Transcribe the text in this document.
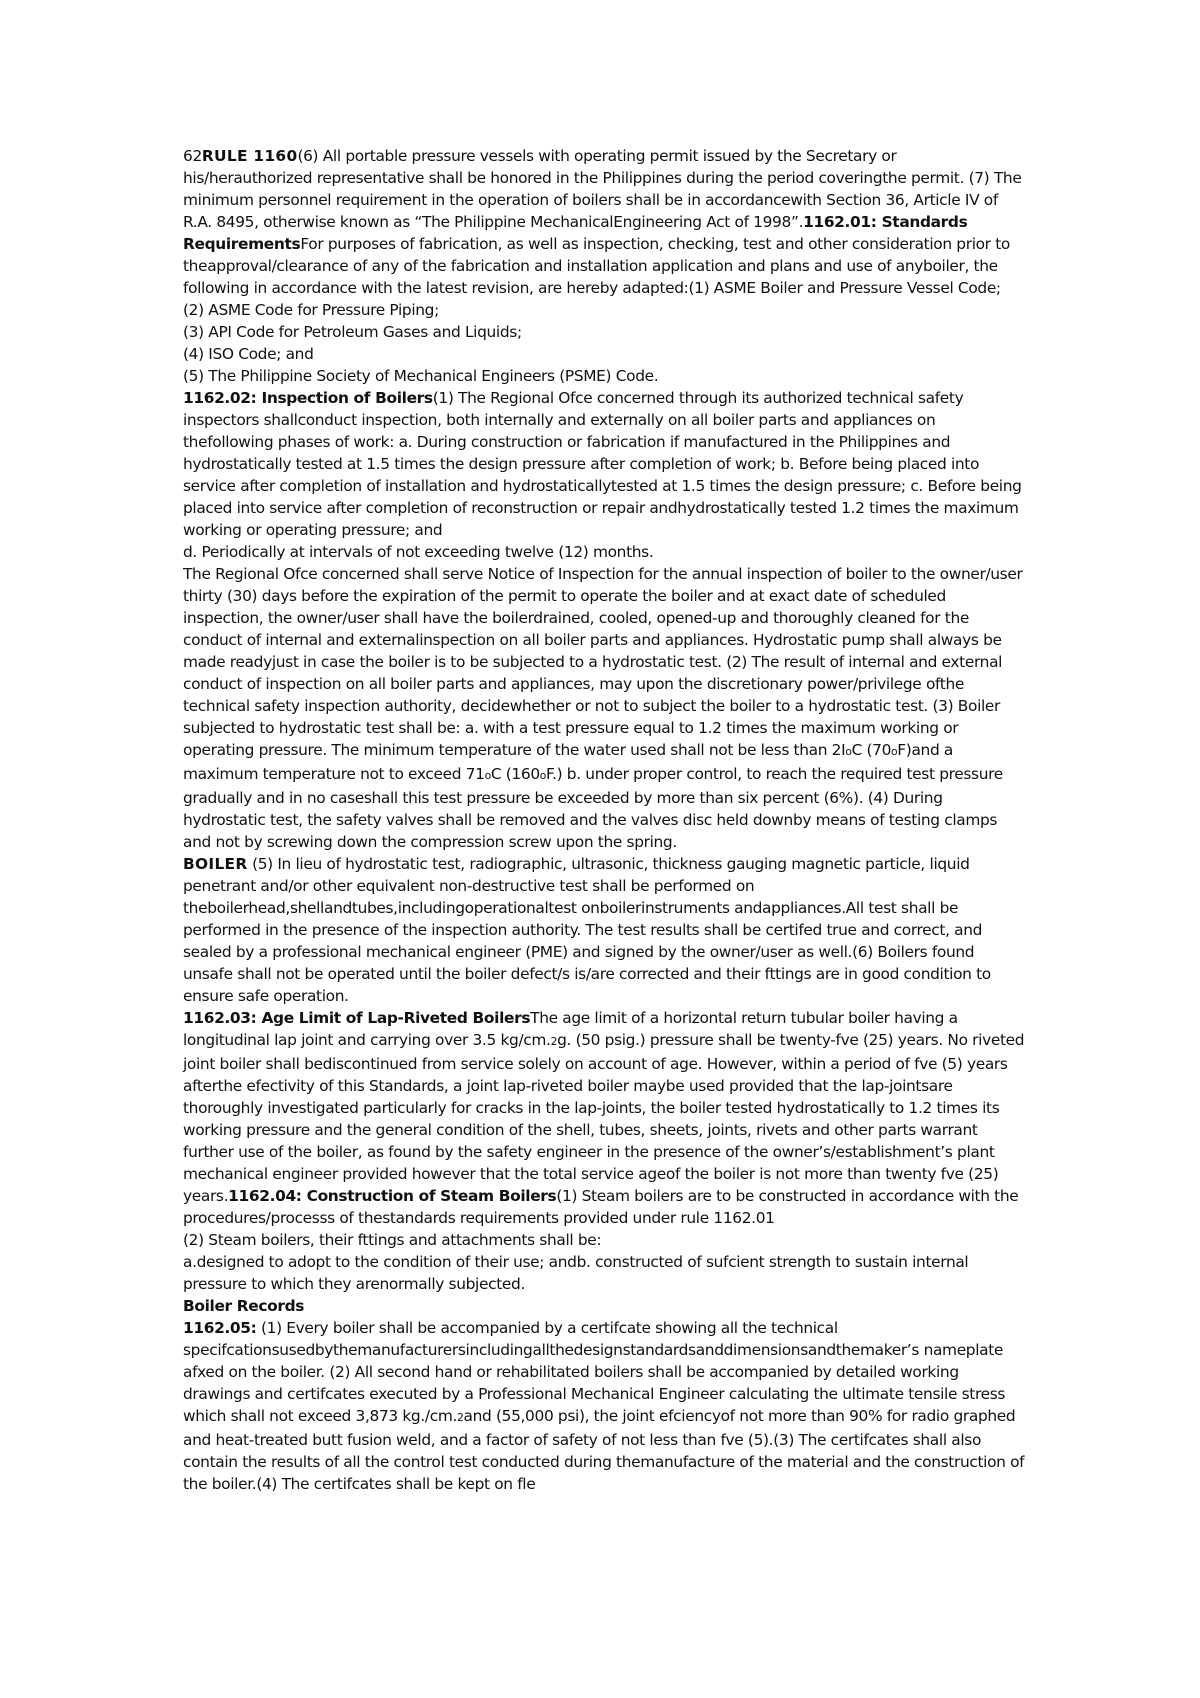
62RULE 1160(6) All portable pressure vessels with operating permit issued by the Secretary or his/herauthorized representative shall be honored in the Philippines during the period coveringthe permit. (7) The minimum personnel requirement in the operation of boilers shall be in accordancewith Section 36, Article IV of R.A. 8495, otherwise known as “The Philippine MechanicalEngineering Act of 1998”.1162.01: Standards RequirementsFor purposes of fabrication, as well as inspection, checking, test and other consideration prior to theapproval/clearance of any of the fabrication and installation application and plans and use of anyboiler, the following in accordance with the latest revision, are hereby adapted:(1) ASME Boiler and Pressure Vessel Code;

(2) ASME Code for Pressure Piping;

(3) API Code for Petroleum Gases and Liquids;

(4) ISO Code; and

(5) The Philippine Society of Mechanical Engineers (PSME) Code.

1162.02: Inspection of Boilers(1) The Regional Ofce concerned through its authorized technical safety inspectors shallconduct inspection, both internally and externally on all boiler parts and appliances on thefollowing phases of work: a. During construction or fabrication if manufactured in the Philippines and hydrostatically tested at 1.5 times the design pressure after completion of work; b. Before being placed into service after completion of installation and hydrostaticallytested at 1.5 times the design pressure; c. Before being placed into service after completion of reconstruction or repair andhydrostatically tested 1.2 times the maximum working or operating pressure; and

d. Periodically at intervals of not exceeding twelve (12) months.

The Regional Ofce concerned shall serve Notice of Inspection for the annual inspection of boiler to the owner/user thirty (30) days before the expiration of the permit to operate the boiler and at exact date of scheduled inspection, the owner/user shall have the boilerdrained, cooled, opened-up and thoroughly cleaned for the conduct of internal and externalinspection on all boiler parts and appliances. Hydrostatic pump shall always be made readyjust in case the boiler is to be subjected to a hydrostatic test. (2) The result of internal and external conduct of inspection on all boiler parts and appliances, may upon the discretionary power/privilege ofthe technical safety inspection authority, decidewhether or not to subject the boiler to a hydrostatic test. (3) Boiler subjected to hydrostatic test shall be: a. with a test pressure equal to 1.2 times the maximum working or operating pressure. The minimum temperature of the water used shall not be less than 2IoC (70oF)and a maximum temperature not to exceed 71oC (160oF.) b. under proper control, to reach the required test pressure gradually and in no caseshall this test pressure be exceeded by more than six percent (6%). (4) During hydrostatic test, the safety valves shall be removed and the valves disc held downby means of testing clamps and not by screwing down the compression screw upon the spring.

BOILER (5) In lieu of hydrostatic test, radiographic, ultrasonic, thickness gauging magnetic particle, liquid penetrant and/or other equivalent non-destructive test shall be performed on theboilerhead,shellandtubes,includingoperationaltest onboilerinstruments andappliances.All test shall be performed in the presence of the inspection authority. The test results shall be certifed true and correct, and sealed by a professional mechanical engineer (PME) and signed by the owner/user as well.(6) Boilers found unsafe shall not be operated until the boiler defect/s is/are corrected and their fttings are in good condition to ensure safe operation.

1162.03: Age Limit of Lap-Riveted BoilersThe age limit of a horizontal return tubular boiler having a longitudinal lap joint and carrying over 3.5 kg/cm.2g. (50 psig.) pressure shall be twenty-fve (25) years. No riveted joint boiler shall bediscontinued from service solely on account of age. However, within a period of fve (5) years afterthe efectivity of this Standards, a joint lap-riveted boiler maybe used provided that the lap-jointsare thoroughly investigated particularly for cracks in the lap-joints, the boiler tested hydrostatically to 1.2 times its working pressure and the general condition of the shell, tubes, sheets, joints, rivets and other parts warrant further use of the boiler, as found by the safety engineer in the presence of the owner’s/establishment’s plant mechanical engineer provided however that the total service ageof the boiler is not more than twenty fve (25) years.1162.04: Construction of Steam Boilers(1) Steam boilers are to be constructed in accordance with the procedures/processs of thestandards requirements provided under rule 1162.01

(2) Steam boilers, their fttings and attachments shall be:

a.designed to adopt to the condition of their use; andb. constructed of sufcient strength to sustain internal pressure to which they arenormally subjected.

Boiler Records

1162.05: (1) Every boiler shall be accompanied by a certifcate showing all the technical specifcationsusedbythemanufacturersincludingallthedesignstandardsanddimensionsandthemaker’s nameplate afxed on the boiler. (2) All second hand or rehabilitated boilers shall be accompanied by detailed working drawings and certifcates executed by a Professional Mechanical Engineer calculating the ultimate tensile stress which shall not exceed 3,873 kg./cm.2and (55,000 psi), the joint efciencyof not more than 90% for radio graphed and heat-treated butt fusion weld, and a factor of safety of not less than fve (5).(3) The certifcates shall also contain the results of all the control test conducted during themanufacture of the material and the construction of the boiler.(4) The certifcates shall be kept on fle
